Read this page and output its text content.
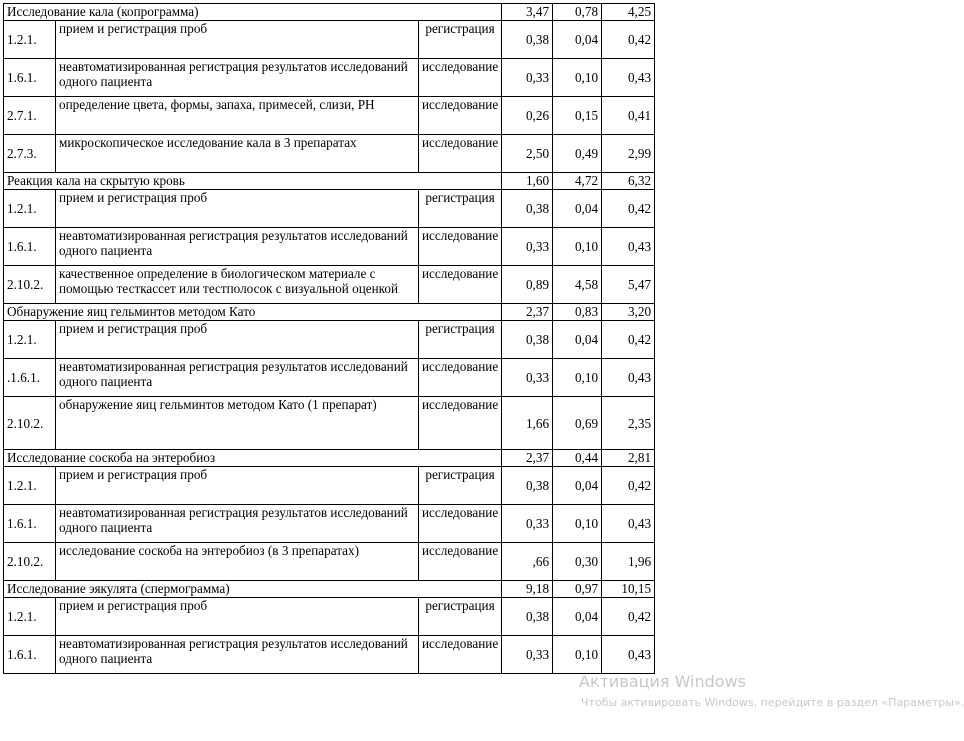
Исследование кала (копрограмма)			3,47	0,78	4,25
1.2.1.	прием и регистрация проб	регистрация	0,38	0,04	0,42
1.6.1.	неавтоматизированная регистрация результатов исследований одного пациента	исследование	0,33	0,10	0,43
2.7.1.	определение цвета, формы, запаха, примесей, слизи, PH	исследование	0,26	0,15	0,41
2.7.3.	микроскопическое исследование кала в 3 препаратах	исследование	2,50	0,49	2,99
Реакция кала на скрытую кровь			1,60	4,72	6,32
1.2.1.	прием и регистрация проб	регистрация	0,38	0,04	0,42
1.6.1.	неавтоматизированная регистрация результатов исследований одного пациента	исследование	0,33	0,10	0,43
2.10.2.	качественное определение в биологическом материале с помощью тесткассет или тестполосок с визуальной оценкой	исследование	0,89	4,58	5,47
Обнаружение яиц гельминтов методом Като			2,37	0,83	3,20
1.2.1.	прием и регистрация проб	регистрация	0,38	0,04	0,42
.1.6.1.	неавтоматизированная регистрация результатов исследований одного пациента	исследование	0,33	0,10	0,43
2.10.2.	обнаружение яиц гельминтов методом Като (1 препарат)	исследование	1,66	0,69	2,35
Исследование соскоба на энтеробиоз			2,37	0,44	2,81
1.2.1.	прием и регистрация проб	регистрация	0,38	0,04	0,42
1.6.1.	неавтоматизированная регистрация результатов исследований одного пациента	исследование	0,33	0,10	0,43
2.10.2.	исследование соскоба на энтеробиоз (в 3 препаратах)	исследование	,66	0,30	1,96
Исследование эякулята (спермограмма)			9,18	0,97	10,15
1.2.1.	прием и регистрация проб	регистрация	0,38	0,04	0,42
1.6.1.	неавтоматизированная регистрация результатов исследований одного пациента	исследование	0,33	0,10	0,43
Активация Windows
Чтобы активировать Windows, перейдите в раздел «Параметры».
